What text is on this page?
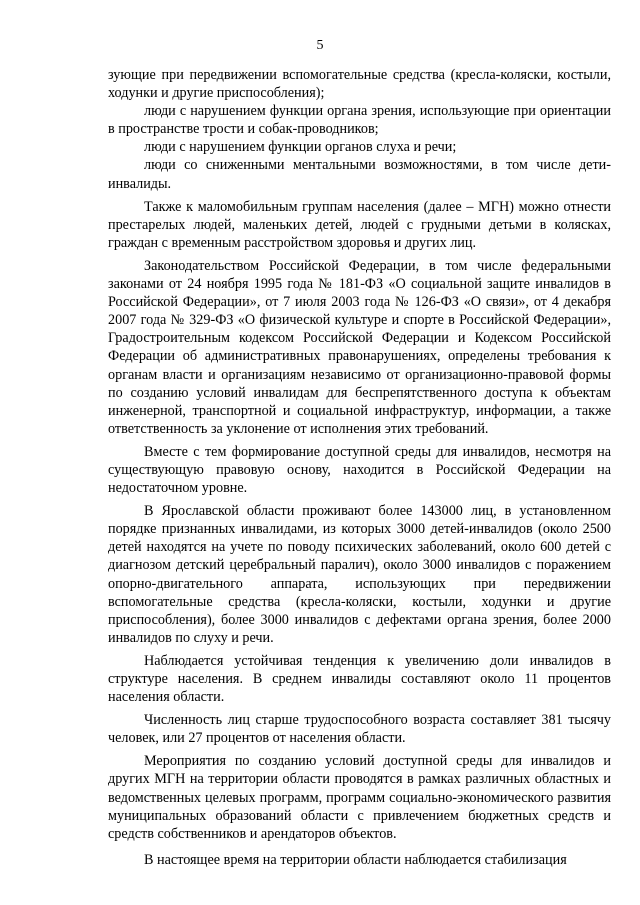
5

зующие при передвижении вспомогательные средства (кресла-коляски, костыли, ходунки и другие приспособления);

люди с нарушением функции органа зрения, использующие при ориентации в пространстве трости и собак-проводников;

люди с нарушением функции органов слуха и речи;

люди со сниженными ментальными возможностями, в том числе дети-инвалиды.

Также к маломобильным группам населения (далее – МГН) можно отнести престарелых людей, маленьких детей, людей с грудными детьми в колясках, граждан с временным расстройством здоровья и других лиц.

Законодательством Российской Федерации, в том числе федеральными законами от 24 ноября 1995 года № 181-ФЗ «О социальной защите инвалидов в Российской Федерации», от 7 июля 2003 года № 126-ФЗ «О связи», от 4 декабря 2007 года № 329-ФЗ «О физической культуре и спорте в Российской Федерации», Градостроительным кодексом Российской Федерации и Кодексом Российской Федерации об административных правонарушениях, определены требования к органам власти и организациям независимо от организационно-правовой формы по созданию условий инвалидам для беспрепятственного доступа к объектам инженерной, транспортной и социальной инфраструктур, информации, а также ответственность за уклонение от исполнения этих требований.

Вместе с тем формирование доступной среды для инвалидов, несмотря на существующую правовую основу, находится в Российской Федерации на недостаточном уровне.

В Ярославской области проживают более 143000 лиц, в установленном порядке признанных инвалидами, из которых 3000 детей-инвалидов (около 2500 детей находятся на учете по поводу психических заболеваний, около 600 детей с диагнозом детский церебральный паралич), около 3000 инвалидов с поражением опорно-двигательного аппарата, использующих при передвижении вспомогательные средства (кресла-коляски, костыли, ходунки и другие приспособления), более 3000 инвалидов с дефектами органа зрения, более 2000 инвалидов по слуху и речи.

Наблюдается устойчивая тенденция к увеличению доли инвалидов в структуре населения. В среднем инвалиды составляют около 11 процентов населения области.

Численность лиц старше трудоспособного возраста составляет 381 тысячу человек, или 27 процентов от населения области.

Мероприятия по созданию условий доступной среды для инвалидов и других МГН на территории области проводятся в рамках различных областных и ведомственных целевых программ, программ социально-экономического развития муниципальных образований области с привлечением бюджетных средств и средств собственников и арендаторов объектов.

В настоящее время на территории области наблюдается стабилизация
